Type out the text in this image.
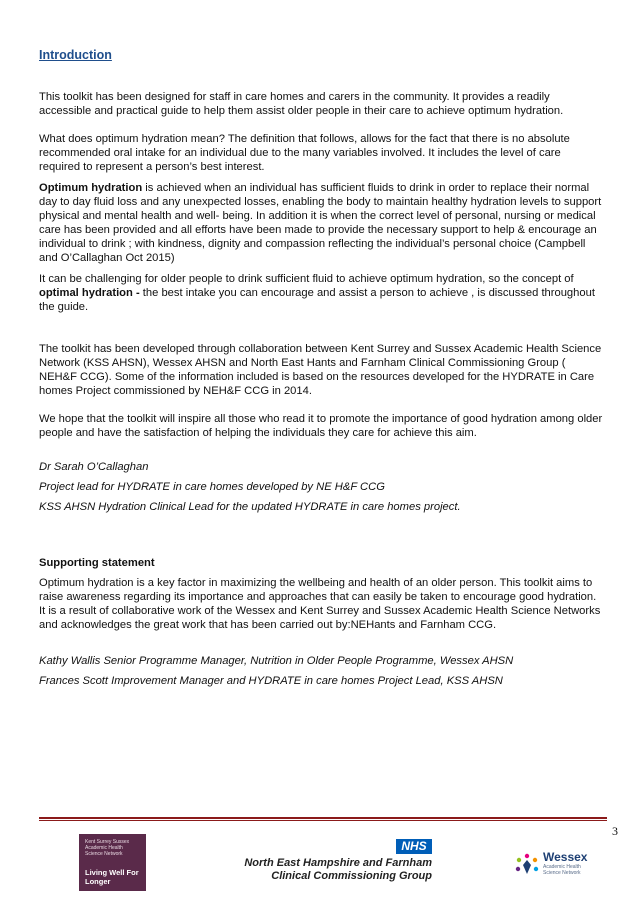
Introduction

This toolkit has been designed for staff in care homes and carers in the community. It provides a readily accessible and practical guide to help them assist older people in their care to achieve optimum hydration.

What does optimum hydration mean? The definition that follows, allows for the fact that there is no absolute recommended oral intake for an individual due to the many variables involved. It includes the level of care required to represent a person’s best interest.

Optimum hydration is achieved when an individual has sufficient fluids to drink in order to replace their normal day to day fluid loss and any unexpected losses, enabling the body to maintain healthy hydration levels to support physical and mental health and well- being. In addition it is when the correct level of personal, nursing or medical care has been provided and all efforts have been made to provide the necessary support to help & encourage an individual to drink ; with kindness, dignity and compassion reflecting the individual’s personal choice (Campbell and O’Callaghan Oct 2015)

It can be challenging for older people to drink sufficient fluid to achieve optimum hydration, so the concept of optimal hydration - the best intake you can encourage and assist a person to achieve , is discussed throughout the guide.

The toolkit has been developed through collaboration between Kent Surrey and Sussex Academic Health Science Network (KSS AHSN), Wessex AHSN and North East Hants and Farnham Clinical Commissioning Group ( NEH&F CCG). Some of the information included is based on the resources developed for the HYDRATE in Care homes Project commissioned by NEH&F CCG in 2014.

We hope that the toolkit will inspire all those who read it to promote the importance of good hydration among older people and have the satisfaction of helping the individuals they care for achieve this aim.

Dr Sarah O’Callaghan

Project lead for HYDRATE in care homes developed by NE H&F CCG

KSS AHSN Hydration Clinical Lead for the updated HYDRATE in care homes project.

Supporting statement

Optimum hydration is a key factor in maximizing the wellbeing and health of an older person. This toolkit aims to raise awareness regarding its importance and approaches that can easily be taken to encourage good hydration. It is a result of collaborative work of the Wessex and Kent Surrey and Sussex Academic Health Science Networks and acknowledges the great work that has been carried out by:NEHants and Farnham CCG.

Kathy Wallis Senior Programme Manager, Nutrition in Older People Programme, Wessex AHSN

Frances Scott Improvement Manager and HYDRATE in care homes Project Lead, KSS AHSN

3
Kent Surrey Sussex Academic Health Science Network
Living Well For Longer
NHS
North East Hampshire and Farnham
Clinical Commissioning Group
Wessex
Academic Health Science Network
